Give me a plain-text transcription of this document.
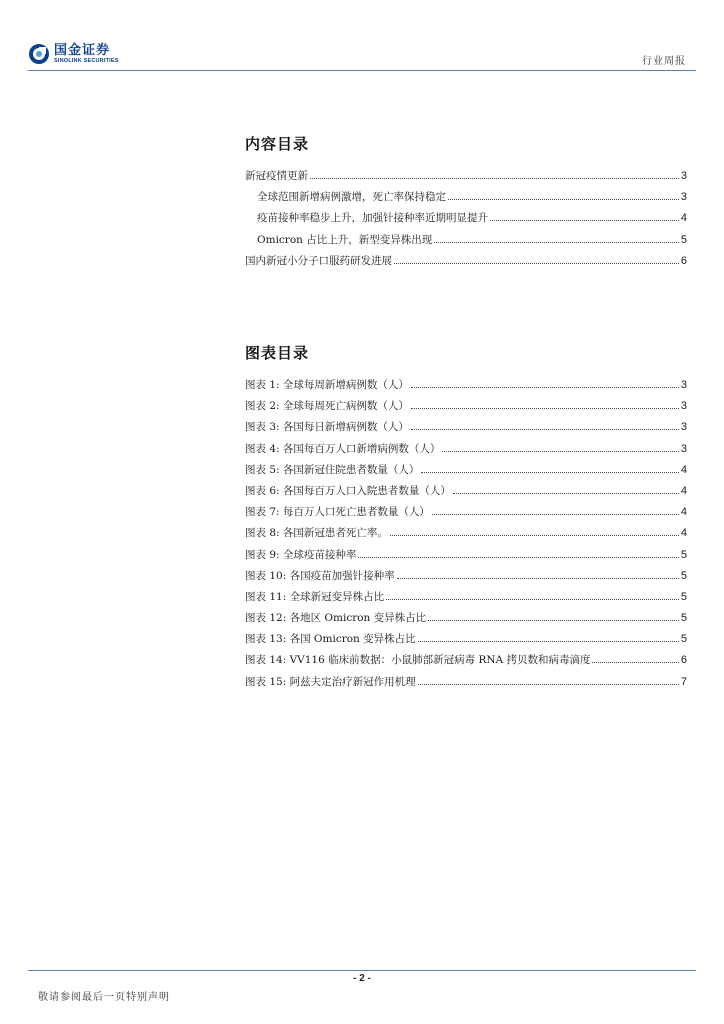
国金证券
SINOLINK SECURITIES	行业周报
内容目录
新冠疫情更新	3
全球范围新增病例激增，死亡率保持稳定	3
疫苗接种率稳步上升，加强针接种率近期明显提升	4
Omicron 占比上升，新型变异株出现	5
国内新冠小分子口服药研发进展	6
图表目录
图表 1: 全球每周新增病例数（人）	3
图表 2: 全球每周死亡病例数（人）	3
图表 3: 各国每日新增病例数（人）	3
图表 4: 各国每百万人口新增病例数（人）	3
图表 5: 各国新冠住院患者数量（人）	4
图表 6: 各国每百万人口入院患者数量（人）	4
图表 7: 每百万人口死亡患者数量（人）	4
图表 8: 各国新冠患者死亡率。	4
图表 9: 全球疫苗接种率	5
图表 10: 各国疫苗加强针接种率	5
图表 11: 全球新冠变异株占比	5
图表 12: 各地区 Omicron 变异株占比	5
图表 13: 各国 Omicron 变异株占比	5
图表 14: VV116 临床前数据：小鼠肺部新冠病毒 RNA 拷贝数和病毒滴度	6
图表 15: 阿兹夫定治疗新冠作用机理	7
- 2 -
敬请参阅最后一页特别声明
